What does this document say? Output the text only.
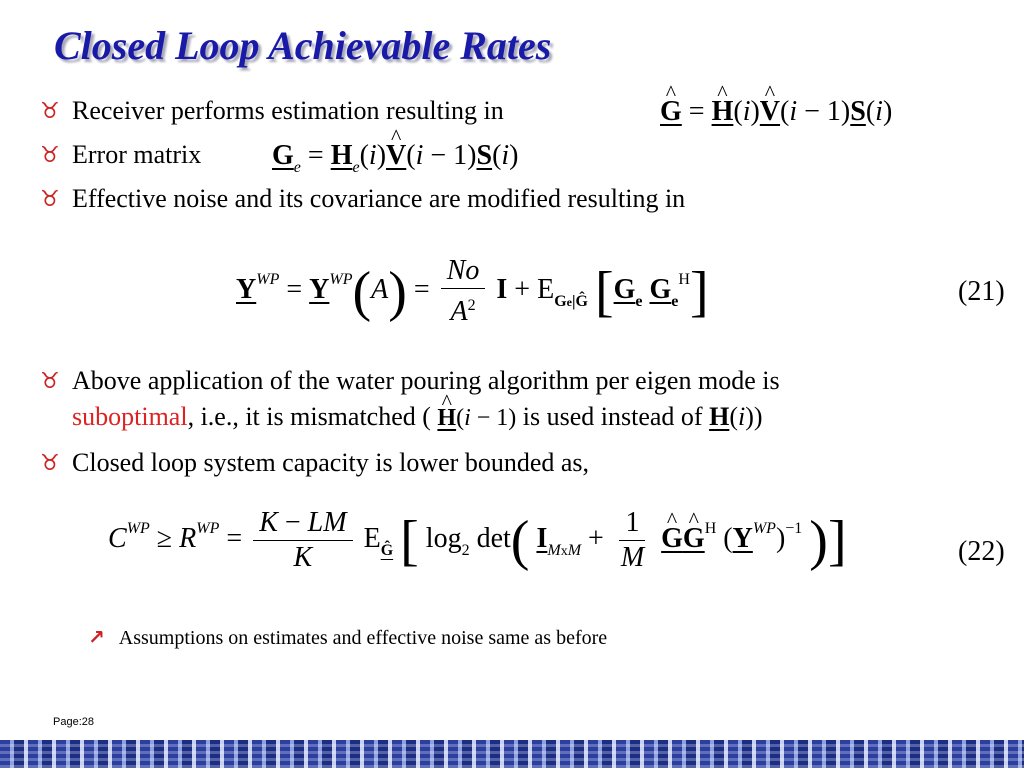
Closed Loop Achievable Rates
♉ Receiver performs estimation resulting in	^ G = ^ H(i)^ V(i − 1)S(i)
♉ Error matrix	$G_e$ = $H_e(i)\^{}$ V(i − 1)S(i)
♉ Effective noise and its covariance are modified resulting in
$Y^{WP} = Y^{WP}(A) = \frac{No}{A^2}$ $I + E_{Ge|Ĝ}$ [$G_e$ $G_e^H$]	(21)
♉ Above application of the water pouring algorithm per eigen mode is
suboptimal, i.e., it is mismatched ( ^ H(i − 1) is used instead of H(i))
♉ Closed loop system capacity is lower bounded as,
$C^{WP} \ge R^{WP} = \frac{K - LM}{K} E_Ĝ$ [ $\log_2 \det$( $I_{MxM} + \frac{1}{M}$ ^ G^ $G^H$ $(Y^{WP})^{-1}$ )]	(22)
↗ Assumptions on estimates and effective noise same as before
Page:28
